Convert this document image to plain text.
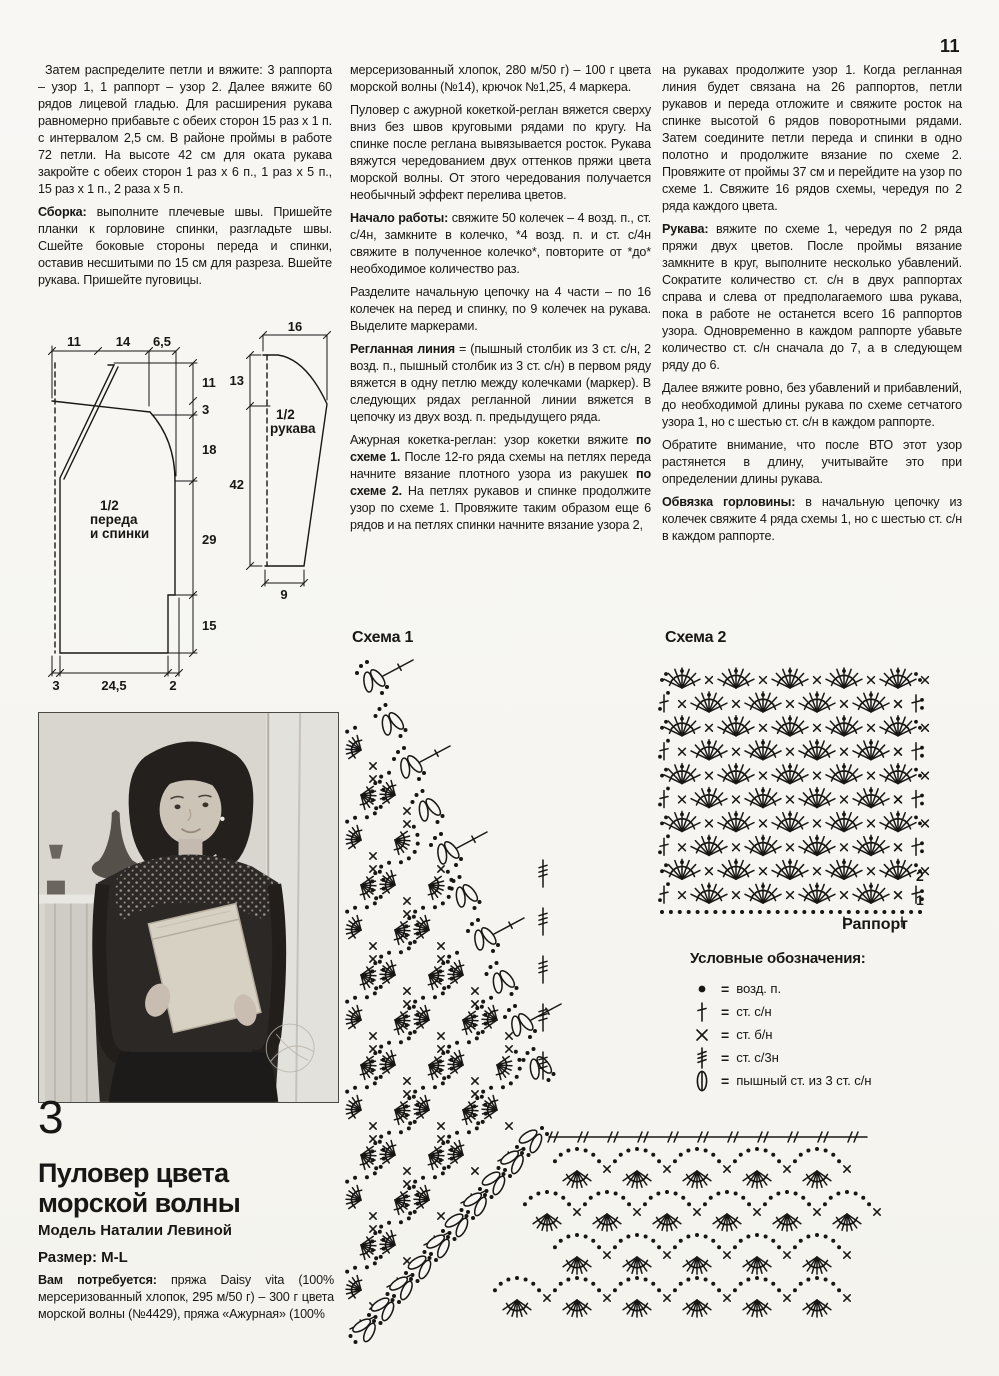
11

Затем распределите петли и вяжите: 3 раппорта – узор 1, 1 раппорт – узор 2. Далее вяжите 60 рядов лицевой гладью. Для расширения рукава равномерно прибавьте с обеих сторон 15 раз х 1 п. с интервалом 2,5 см. В районе проймы в работе 72 петли. На высоте 42 см для оката рукава закройте с обеих сторон 1 раз х 6 п., 1 раз х 5 п., 15 раз х 1 п., 2 раза х 5 п.

Сборка: выполните плечевые швы. Пришейте планки к горловине спинки, разгладьте швы. Сшейте боковые стороны переда и спинки, оставив несшитыми по 15 см для разреза. Вшейте рукава. Пришейте пуговицы.

11	14 6,5
11
3
18
29
15
3	24,5	2
1/2
переда
и спинки
16
13
42
9
1/2
рукава
3
Пуловер цвета морской волны
Модель Наталии Левиной
Размер: M-L
Вам потребуется: пряжа Daisy vita (100% мерсеризованный хлопок, 295 м/50 г) – 300 г цвета морской волны (№4429), пряжа «Ажурная» (100%

мерсеризованный хлопок, 280 м/50 г) – 100 г цвета морской волны (№14), крючок №1,25, 4 маркера.

Пуловер с ажурной кокеткой-реглан вяжется сверху вниз без швов круговыми рядами по кругу. На спинке после реглана вывязывается росток. Рукава вяжутся чередованием двух оттенков пряжи цвета морской волны. От этого чередования получается необычный эффект перелива цветов.

Начало работы: свяжите 50 колечек – 4 возд. п., ст. с/4н, замкните в колечко, *4 возд. п. и ст. с/4н свяжите в полученное колечко*, повторите от *до* необходимое количество раз.

Разделите начальную цепочку на 4 части – по 16 колечек на перед и спинку, по 9 колечек на рукава. Выделите маркерами.

Регланная линия = (пышный столбик из 3 ст. с/н, 2 возд. п., пышный столбик из 3 ст. с/н) в первом ряду вяжется в одну петлю между колечками (маркер). В следующих рядах регланной линии вяжется в цепочку из двух возд. п. предыдущего ряда.

Ажурная кокетка-реглан: узор кокетки вяжите по схеме 1. После 12-го ряда схемы на петлях переда начните вязание плотного узора из ракушек по схеме 2. На петлях рукавов и спинке продолжите узор по схеме 1. Провяжите таким образом еще 6 рядов и на петлях спинки начните вязание узора 2,

на рукавах продолжите узор 1. Когда регланная линия будет связана на 26 раппортов, петли рукавов и переда отложите и свяжите росток на спинке высотой 6 рядов поворотными рядами. Затем соедините петли переда и спинки в одно полотно и продолжите вязание по схеме 2. Провяжите от проймы 37 см и перейдите на узор по схеме 1. Свяжите 16 рядов схемы, чередуя по 2 ряда каждого цвета.

Рукава: вяжите по схеме 1, чередуя по 2 ряда пряжи двух цветов. После проймы вязание замкните в круг, выполните несколько убавлений. Сократите количество ст. с/н в двух раппортах справа и слева от предполагаемого шва рукава, пока в работе не останется всего 16 раппортов узора. Одновременно в каждом раппорте убавьте количество ст. с/н сначала до 7, а в следующем ряду до 6.

Далее вяжите ровно, без убавлений и прибавлений, до необходимой длины рукава по схеме сетчатого узора 1, но с шестью ст. с/н в каждом раппорте.

Обратите внимание, что после ВТО этот узор растянется в длину, учитывайте это при определении длины рукава.

Обвязка горловины: в начальную цепочку из колечек свяжите 4 ряда схемы 1, но с шестью ст. с/н в каждом раппорте.

Схема 1	Схема 2
2
1
Раппорт
Условные обозначения:
= возд. п.
= ст. с/н
= ст. б/н
= ст. с/3н
= пышный ст. из 3 ст. с/н
